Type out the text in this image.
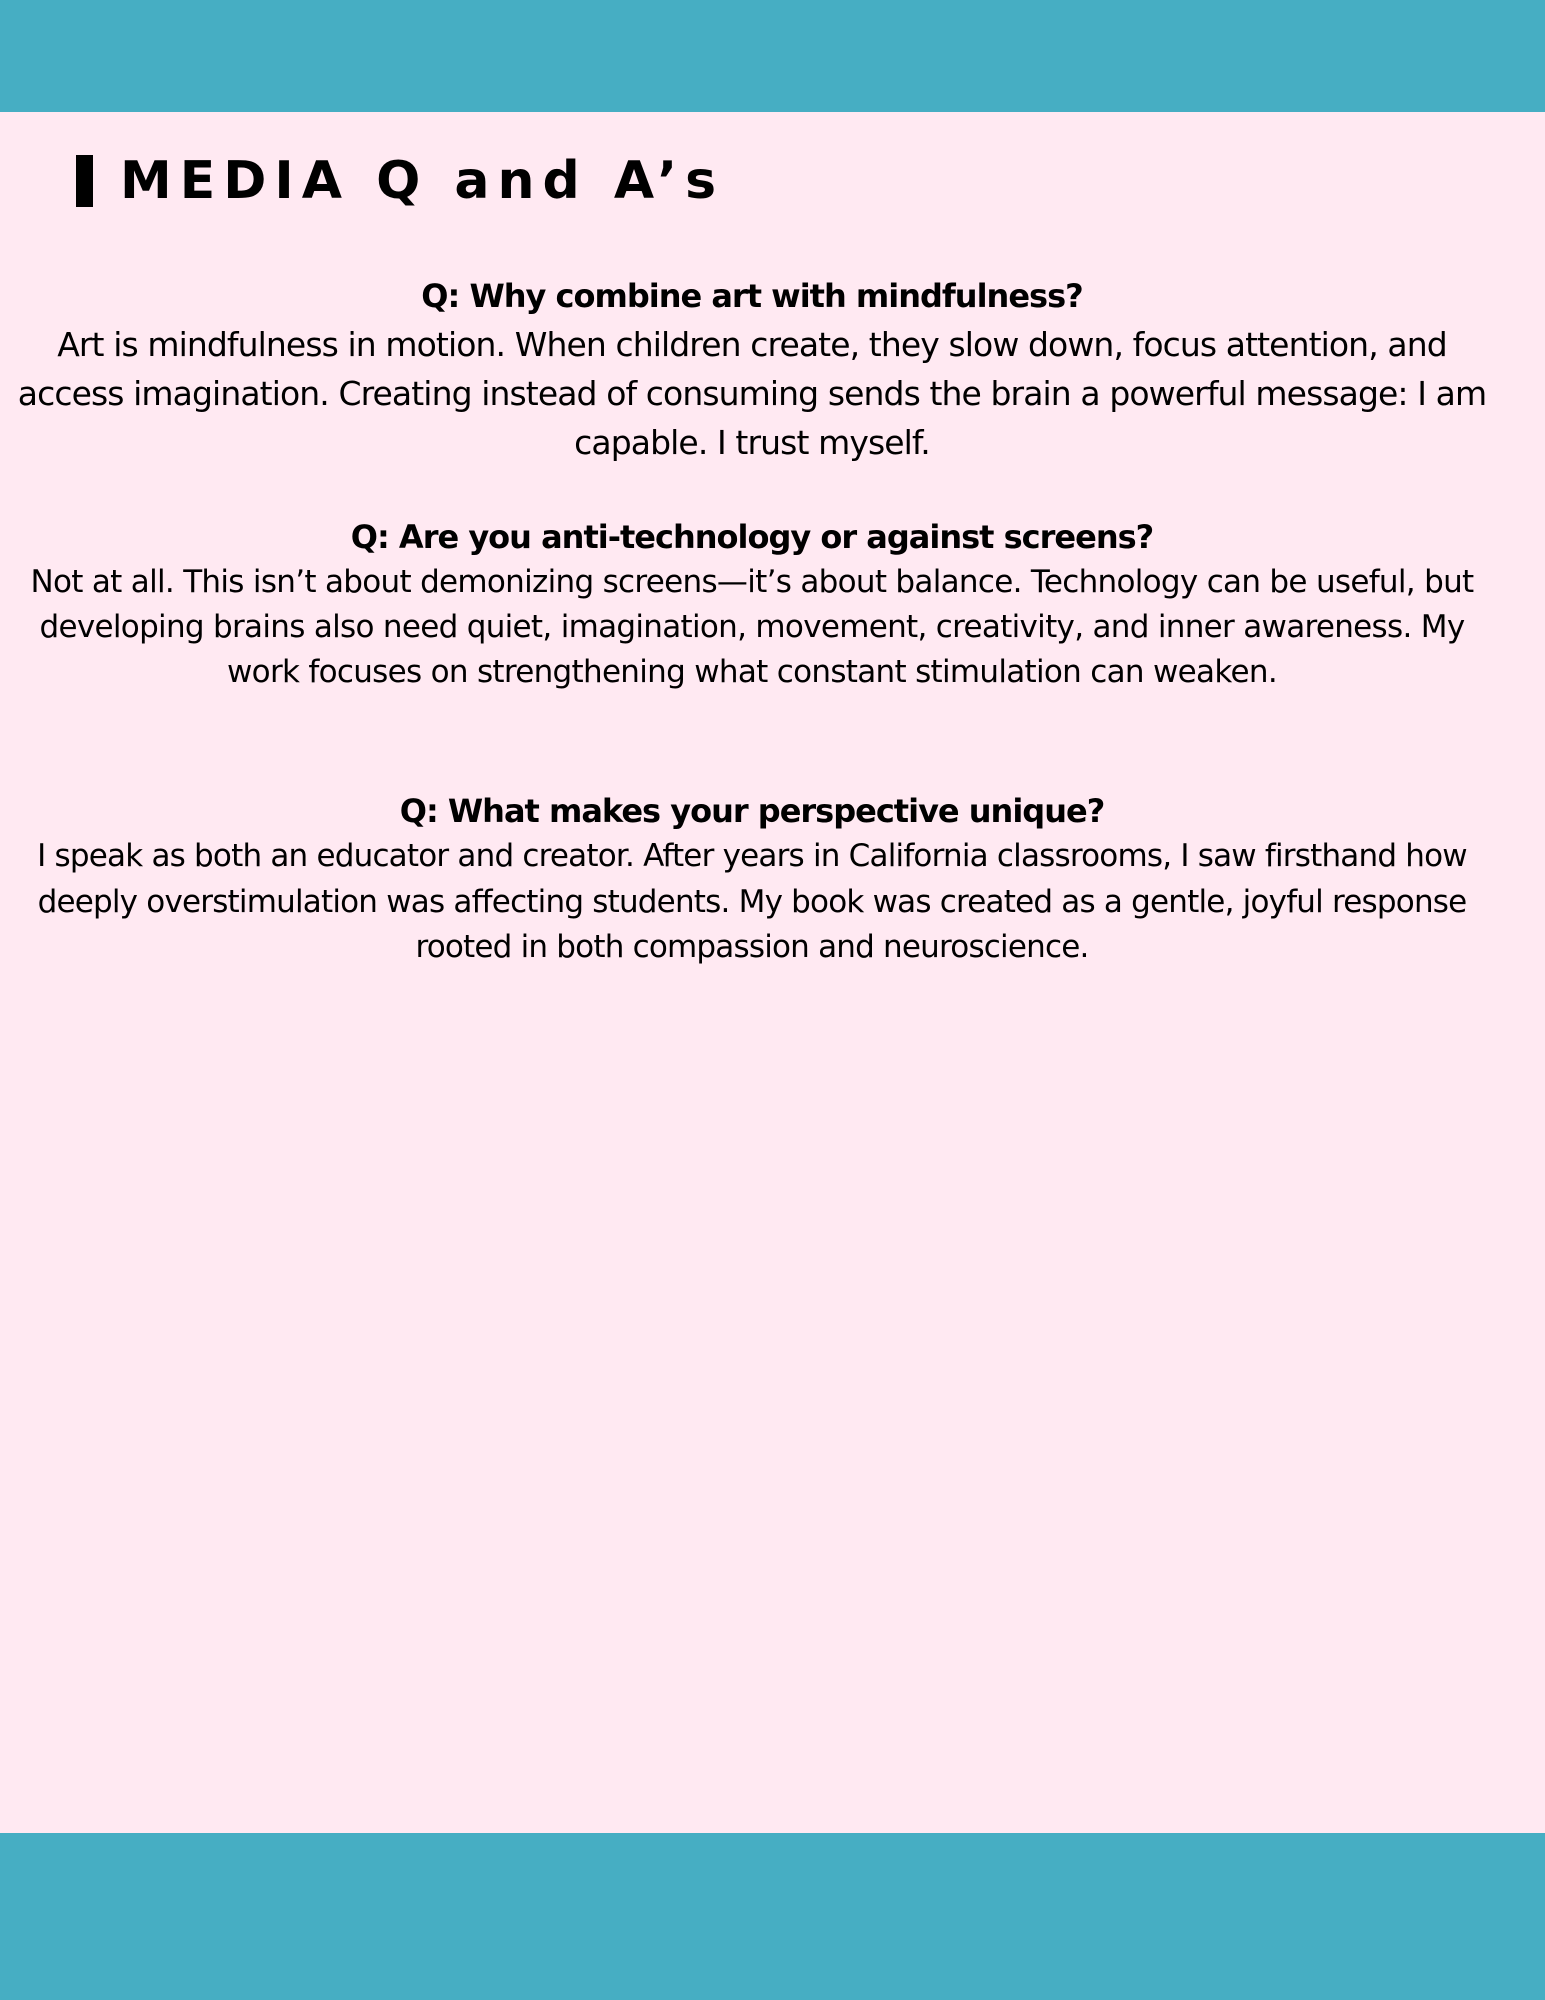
MEDIA Q and A’s
Q: Why combine art with mindfulness?
Art is mindfulness in motion. When children create, they slow down, focus attention, and access imagination. Creating instead of consuming sends the brain a powerful message: I am capable. I trust myself.
Q: Are you anti-technology or against screens?
Not at all. This isn’t about demonizing screens—it’s about balance. Technology can be useful, but developing brains also need quiet, imagination, movement, creativity, and inner awareness. My work focuses on strengthening what constant stimulation can weaken.
Q: What makes your perspective unique?
I speak as both an educator and creator. After years in California classrooms, I saw firsthand how deeply overstimulation was affecting students. My book was created as a gentle, joyful response rooted in both compassion and neuroscience.
